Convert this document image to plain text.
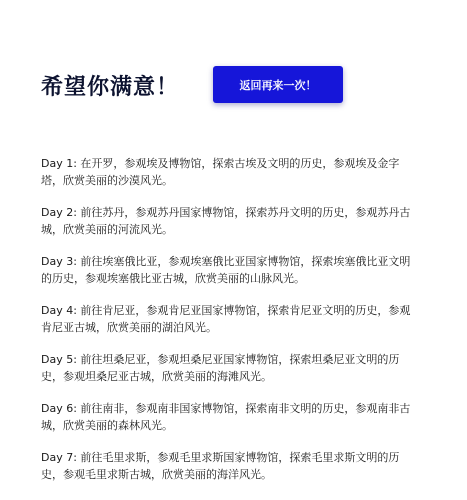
希望你满意！	返回再来一次！
Day 1: 在开罗，参观埃及博物馆，探索古埃及文明的历史，参观埃及金字塔，欣赏美丽的沙漠风光。
Day 2: 前往苏丹，参观苏丹国家博物馆，探索苏丹文明的历史，参观苏丹古城，欣赏美丽的河流风光。
Day 3: 前往埃塞俄比亚，参观埃塞俄比亚国家博物馆，探索埃塞俄比亚文明的历史，参观埃塞俄比亚古城，欣赏美丽的山脉风光。
Day 4: 前往肯尼亚，参观肯尼亚国家博物馆，探索肯尼亚文明的历史，参观肯尼亚古城，欣赏美丽的湖泊风光。
Day 5: 前往坦桑尼亚，参观坦桑尼亚国家博物馆，探索坦桑尼亚文明的历史，参观坦桑尼亚古城，欣赏美丽的海滩风光。
Day 6: 前往南非，参观南非国家博物馆，探索南非文明的历史，参观南非古城，欣赏美丽的森林风光。
Day 7: 前往毛里求斯，参观毛里求斯国家博物馆，探索毛里求斯文明的历史，参观毛里求斯古城，欣赏美丽的海洋风光。
